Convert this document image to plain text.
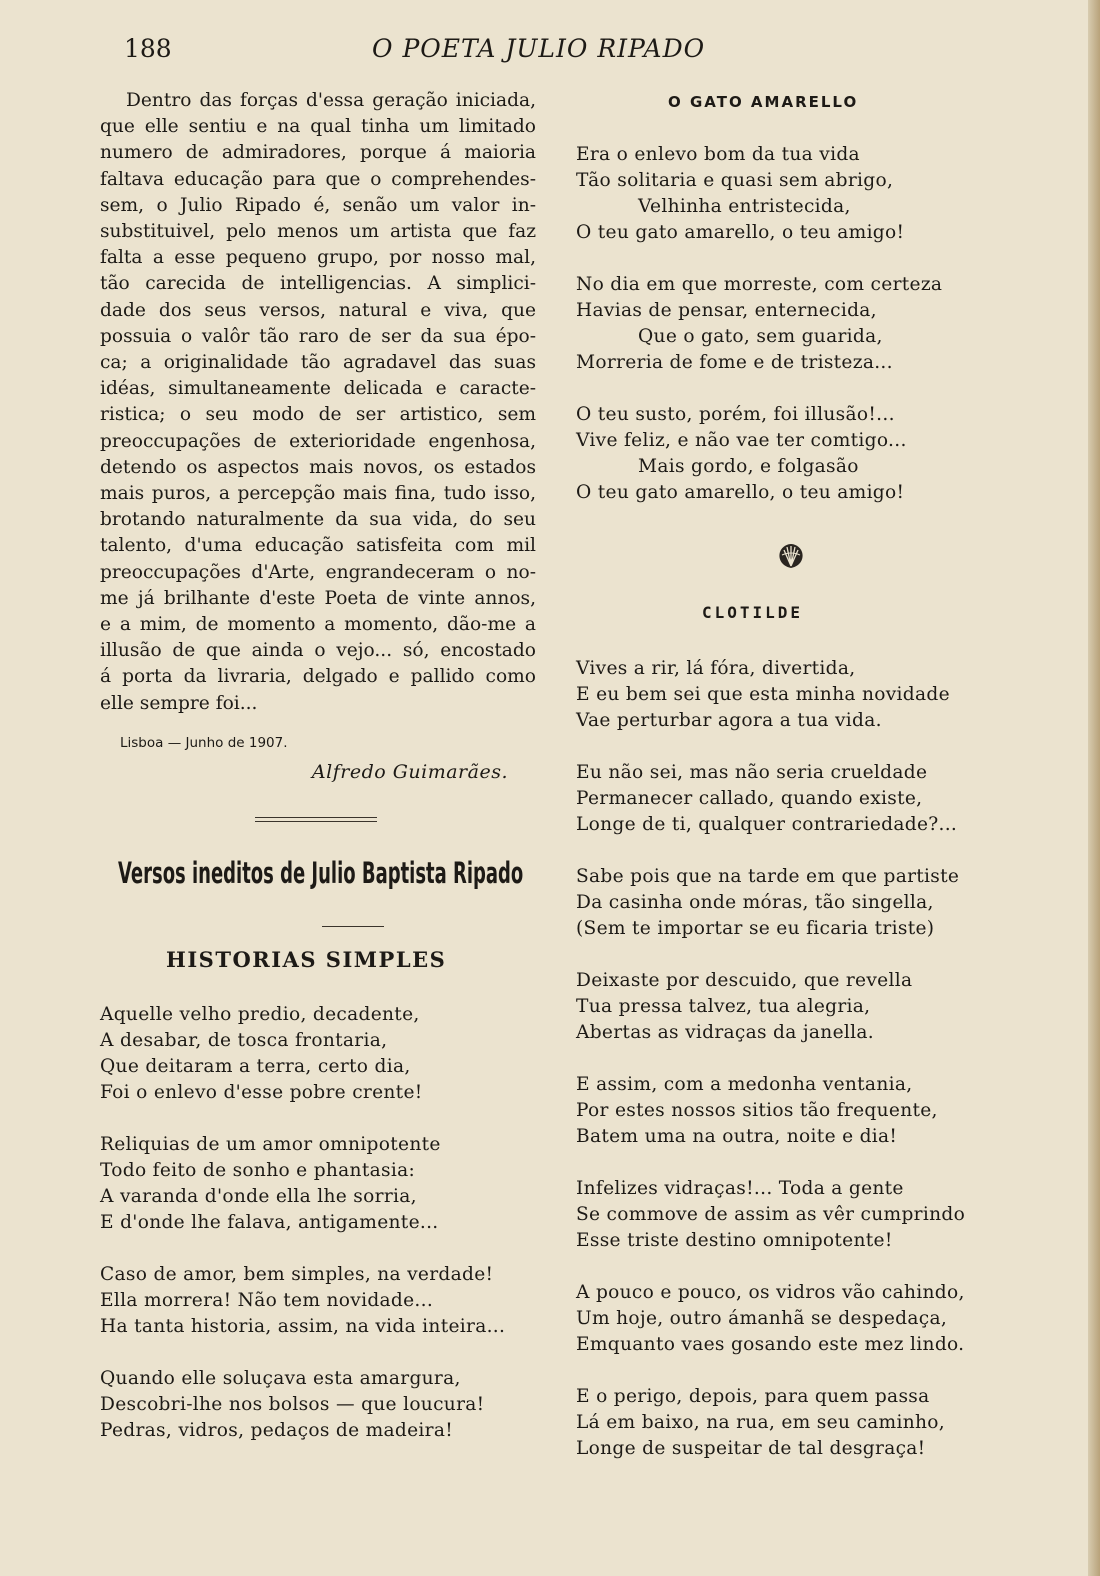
188	O POETA JULIO RIPADO

Dentro das forças d'essa geração iniciada,

que elle sentiu e na qual tinha um limitado

numero de admiradores, porque á maioria

faltava educação para que o comprehendes-

sem, o Julio Ripado é, senão um valor in-

substituivel, pelo menos um artista que faz

falta a esse pequeno grupo, por nosso mal,

tão carecida de intelligencias. A simplici-

dade dos seus versos, natural e viva, que

possuia o valôr tão raro de ser da sua épo-

ca; a originalidade tão agradavel das suas

idéas, simultaneamente delicada e caracte-

ristica; o seu modo de ser artistico, sem

preoccupações de exterioridade engenhosa,

detendo os aspectos mais novos, os estados

mais puros, a percepção mais fina, tudo isso,

brotando naturalmente da sua vida, do seu

talento, d'uma educação satisfeita com mil

preoccupações d'Arte, engrandeceram o no-

me já brilhante d'este Poeta de vinte annos,

e a mim, de momento a momento, dão-me a

illusão de que ainda o vejo... só, encostado

á porta da livraria, delgado e pallido como

elle sempre foi...

Lisboa — Junho de 1907.
Alfredo Guimarães.
Versos ineditos de Julio Baptista Ripado
HISTORIAS SIMPLES
Aquelle velho predio, decadente,
A desabar, de tosca frontaria,
Que deitaram a terra, certo dia,
Foi o enlevo d'esse pobre crente!
Reliquias de um amor omnipotente
Todo feito de sonho e phantasia:
A varanda d'onde ella lhe sorria,
E d'onde lhe falava, antigamente...
Caso de amor, bem simples, na verdade!
Ella morrera! Não tem novidade...
Ha tanta historia, assim, na vida inteira...
Quando elle soluçava esta amargura,
Descobri-lhe nos bolsos — que loucura!
Pedras, vidros, pedaços de madeira!
O GATO AMARELLO
Era o enlevo bom da tua vida
Tão solitaria e quasi sem abrigo,
Velhinha entristecida,
O teu gato amarello, o teu amigo!
No dia em que morreste, com certeza
Havias de pensar, enternecida,
Que o gato, sem guarida,
Morreria de fome e de tristeza...
O teu susto, porém, foi illusão!...
Vive feliz, e não vae ter comtigo...
Mais gordo, e folgasão
O teu gato amarello, o teu amigo!
CLOTILDE
Vives a rir, lá fóra, divertida,
E eu bem sei que esta minha novidade
Vae perturbar agora a tua vida.
Eu não sei, mas não seria crueldade
Permanecer callado, quando existe,
Longe de ti, qualquer contrariedade?...
Sabe pois que na tarde em que partiste
Da casinha onde móras, tão singella,
(Sem te importar se eu ficaria triste)
Deixaste por descuido, que revella
Tua pressa talvez, tua alegria,
Abertas as vidraças da janella.
E assim, com a medonha ventania,
Por estes nossos sitios tão frequente,
Batem uma na outra, noite e dia!
Infelizes vidraças!... Toda a gente
Se commove de assim as vêr cumprindo
Esse triste destino omnipotente!
A pouco e pouco, os vidros vão cahindo,
Um hoje, outro ámanhã se despedaça,
Emquanto vaes gosando este mez lindo.
E o perigo, depois, para quem passa
Lá em baixo, na rua, em seu caminho,
Longe de suspeitar de tal desgraça!
